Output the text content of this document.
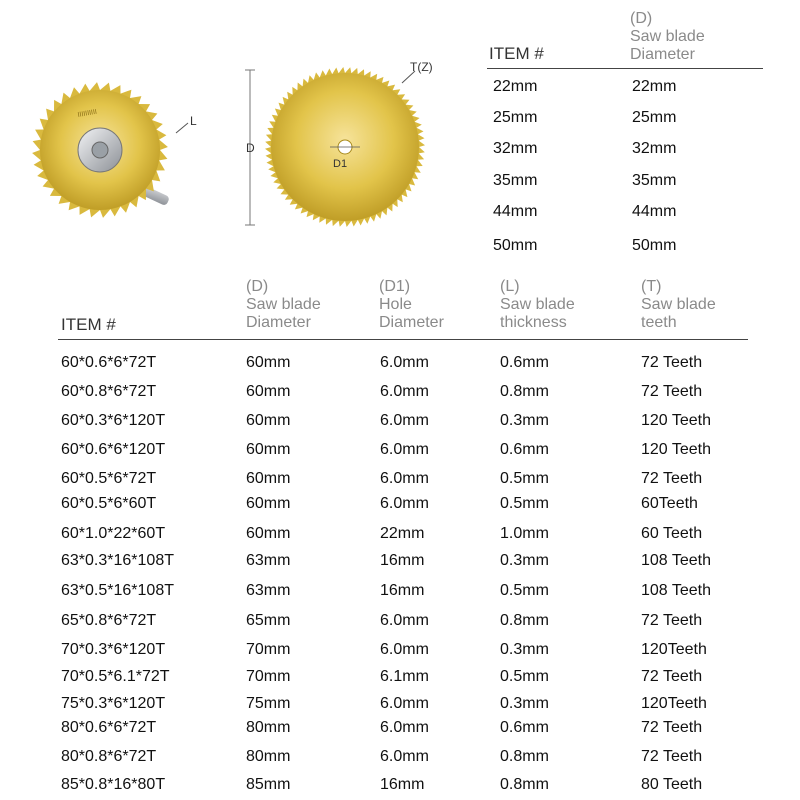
IIIIIIIIII
L
D
D1
T(Z)
ITEM #
(D)
Saw blade
Diameter
22mm	22mm
25mm	25mm
32mm	32mm
35mm	35mm
44mm	44mm
50mm	50mm
ITEM #
(D)
Saw blade
Diameter
(D1)
Hole
Diameter
(L)
Saw blade
thickness
(T)
Saw blade
teeth
60*0.6*6*72T	60mm	6.0mm	0.6mm	72 Teeth
60*0.8*6*72T	60mm	6.0mm	0.8mm	72 Teeth
60*0.3*6*120T	60mm	6.0mm	0.3mm	120 Teeth
60*0.6*6*120T	60mm	6.0mm	0.6mm	120 Teeth
60*0.5*6*72T	60mm	6.0mm	0.5mm	72 Teeth
60*0.5*6*60T	60mm	6.0mm	0.5mm	60Teeth
60*1.0*22*60T	60mm	22mm	1.0mm	60 Teeth
63*0.3*16*108T	63mm	16mm	0.3mm	108 Teeth
63*0.5*16*108T	63mm	16mm	0.5mm	108 Teeth
65*0.8*6*72T	65mm	6.0mm	0.8mm	72 Teeth
70*0.3*6*120T	70mm	6.0mm	0.3mm	120Teeth
70*0.5*6.1*72T	70mm	6.1mm	0.5mm	72 Teeth
75*0.3*6*120T	75mm	6.0mm	0.3mm	120Teeth
80*0.6*6*72T	80mm	6.0mm	0.6mm	72 Teeth
80*0.8*6*72T	80mm	6.0mm	0.8mm	72 Teeth
85*0.8*16*80T	85mm	16mm	0.8mm	80 Teeth
